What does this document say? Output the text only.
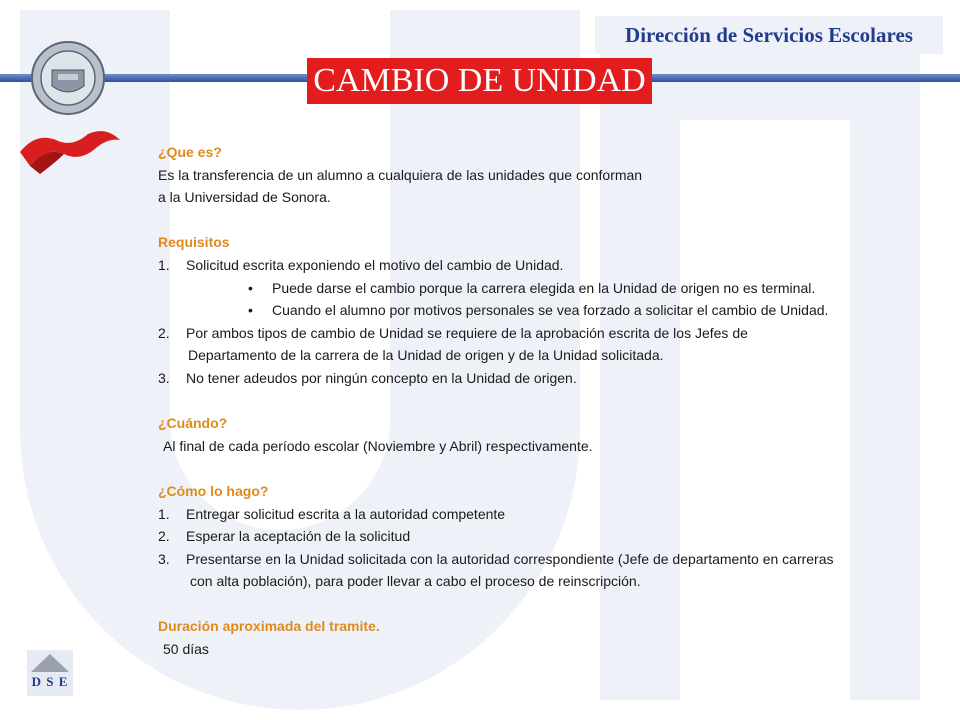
Dirección de Servicios Escolares
CAMBIO DE UNIDAD
¿Que es?
Es la transferencia de un alumno a cualquiera de las unidades que conforman
a la Universidad de Sonora.
Requisitos
1. Solicitud escrita exponiendo el motivo del cambio de Unidad.
• Puede darse el cambio porque la carrera elegida en la Unidad de origen no es terminal.
• Cuando el alumno por motivos personales se vea forzado a solicitar el cambio de Unidad.
2. Por ambos tipos de cambio de Unidad se requiere de la aprobación escrita de los Jefes de
Departamento de la carrera de la Unidad de origen y de la Unidad solicitada.
3. No tener adeudos por ningún concepto en la Unidad de origen.
¿Cuándo?
Al final de cada período escolar (Noviembre y Abril) respectivamente.
¿Cómo lo hago?
1. Entregar solicitud escrita a la autoridad competente
2. Esperar la aceptación de la solicitud
3. Presentarse en la Unidad solicitada con la autoridad correspondiente (Jefe de departamento en carreras
con alta población), para poder llevar a cabo el proceso de reinscripción.
Duración aproximada del tramite.
50 días
D S E
